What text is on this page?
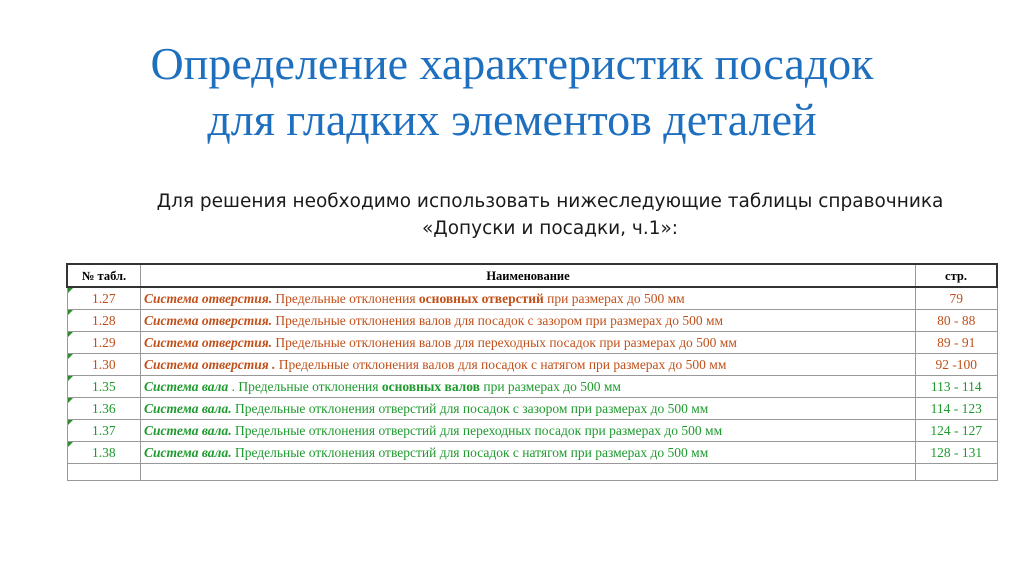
Определение характеристик посадок
для гладких элементов деталей
Для решения необходимо использовать нижеследующие таблицы справочника
«Допуски и посадки, ч.1»:
№ табл.	Наименование	стр.

1.27	Система отверстия. Предельные отклонения основных отверстий при размерах до 500 мм	79

1.28	Система отверстия. Предельные отклонения валов для посадок с зазором при размерах до 500 мм	80 - 88

1.29	Система отверстия. Предельные отклонения валов для переходных посадок при размерах до 500 мм	89 - 91

1.30	Система отверстия . Предельные отклонения валов для посадок с натягом при размерах до 500 мм	92 -100

1.35	Система вала . Предельные отклонения основных валов при размерах до 500 мм	113 - 114

1.36	Система вала. Предельные отклонения отверстий для посадок с зазором при размерах до 500 мм	114 - 123

1.37	Система вала. Предельные отклонения отверстий для переходных посадок при размерах до 500 мм	124 - 127

1.38	Система вала. Предельные отклонения отверстий для посадок с натягом при размерах до 500 мм	128 - 131
